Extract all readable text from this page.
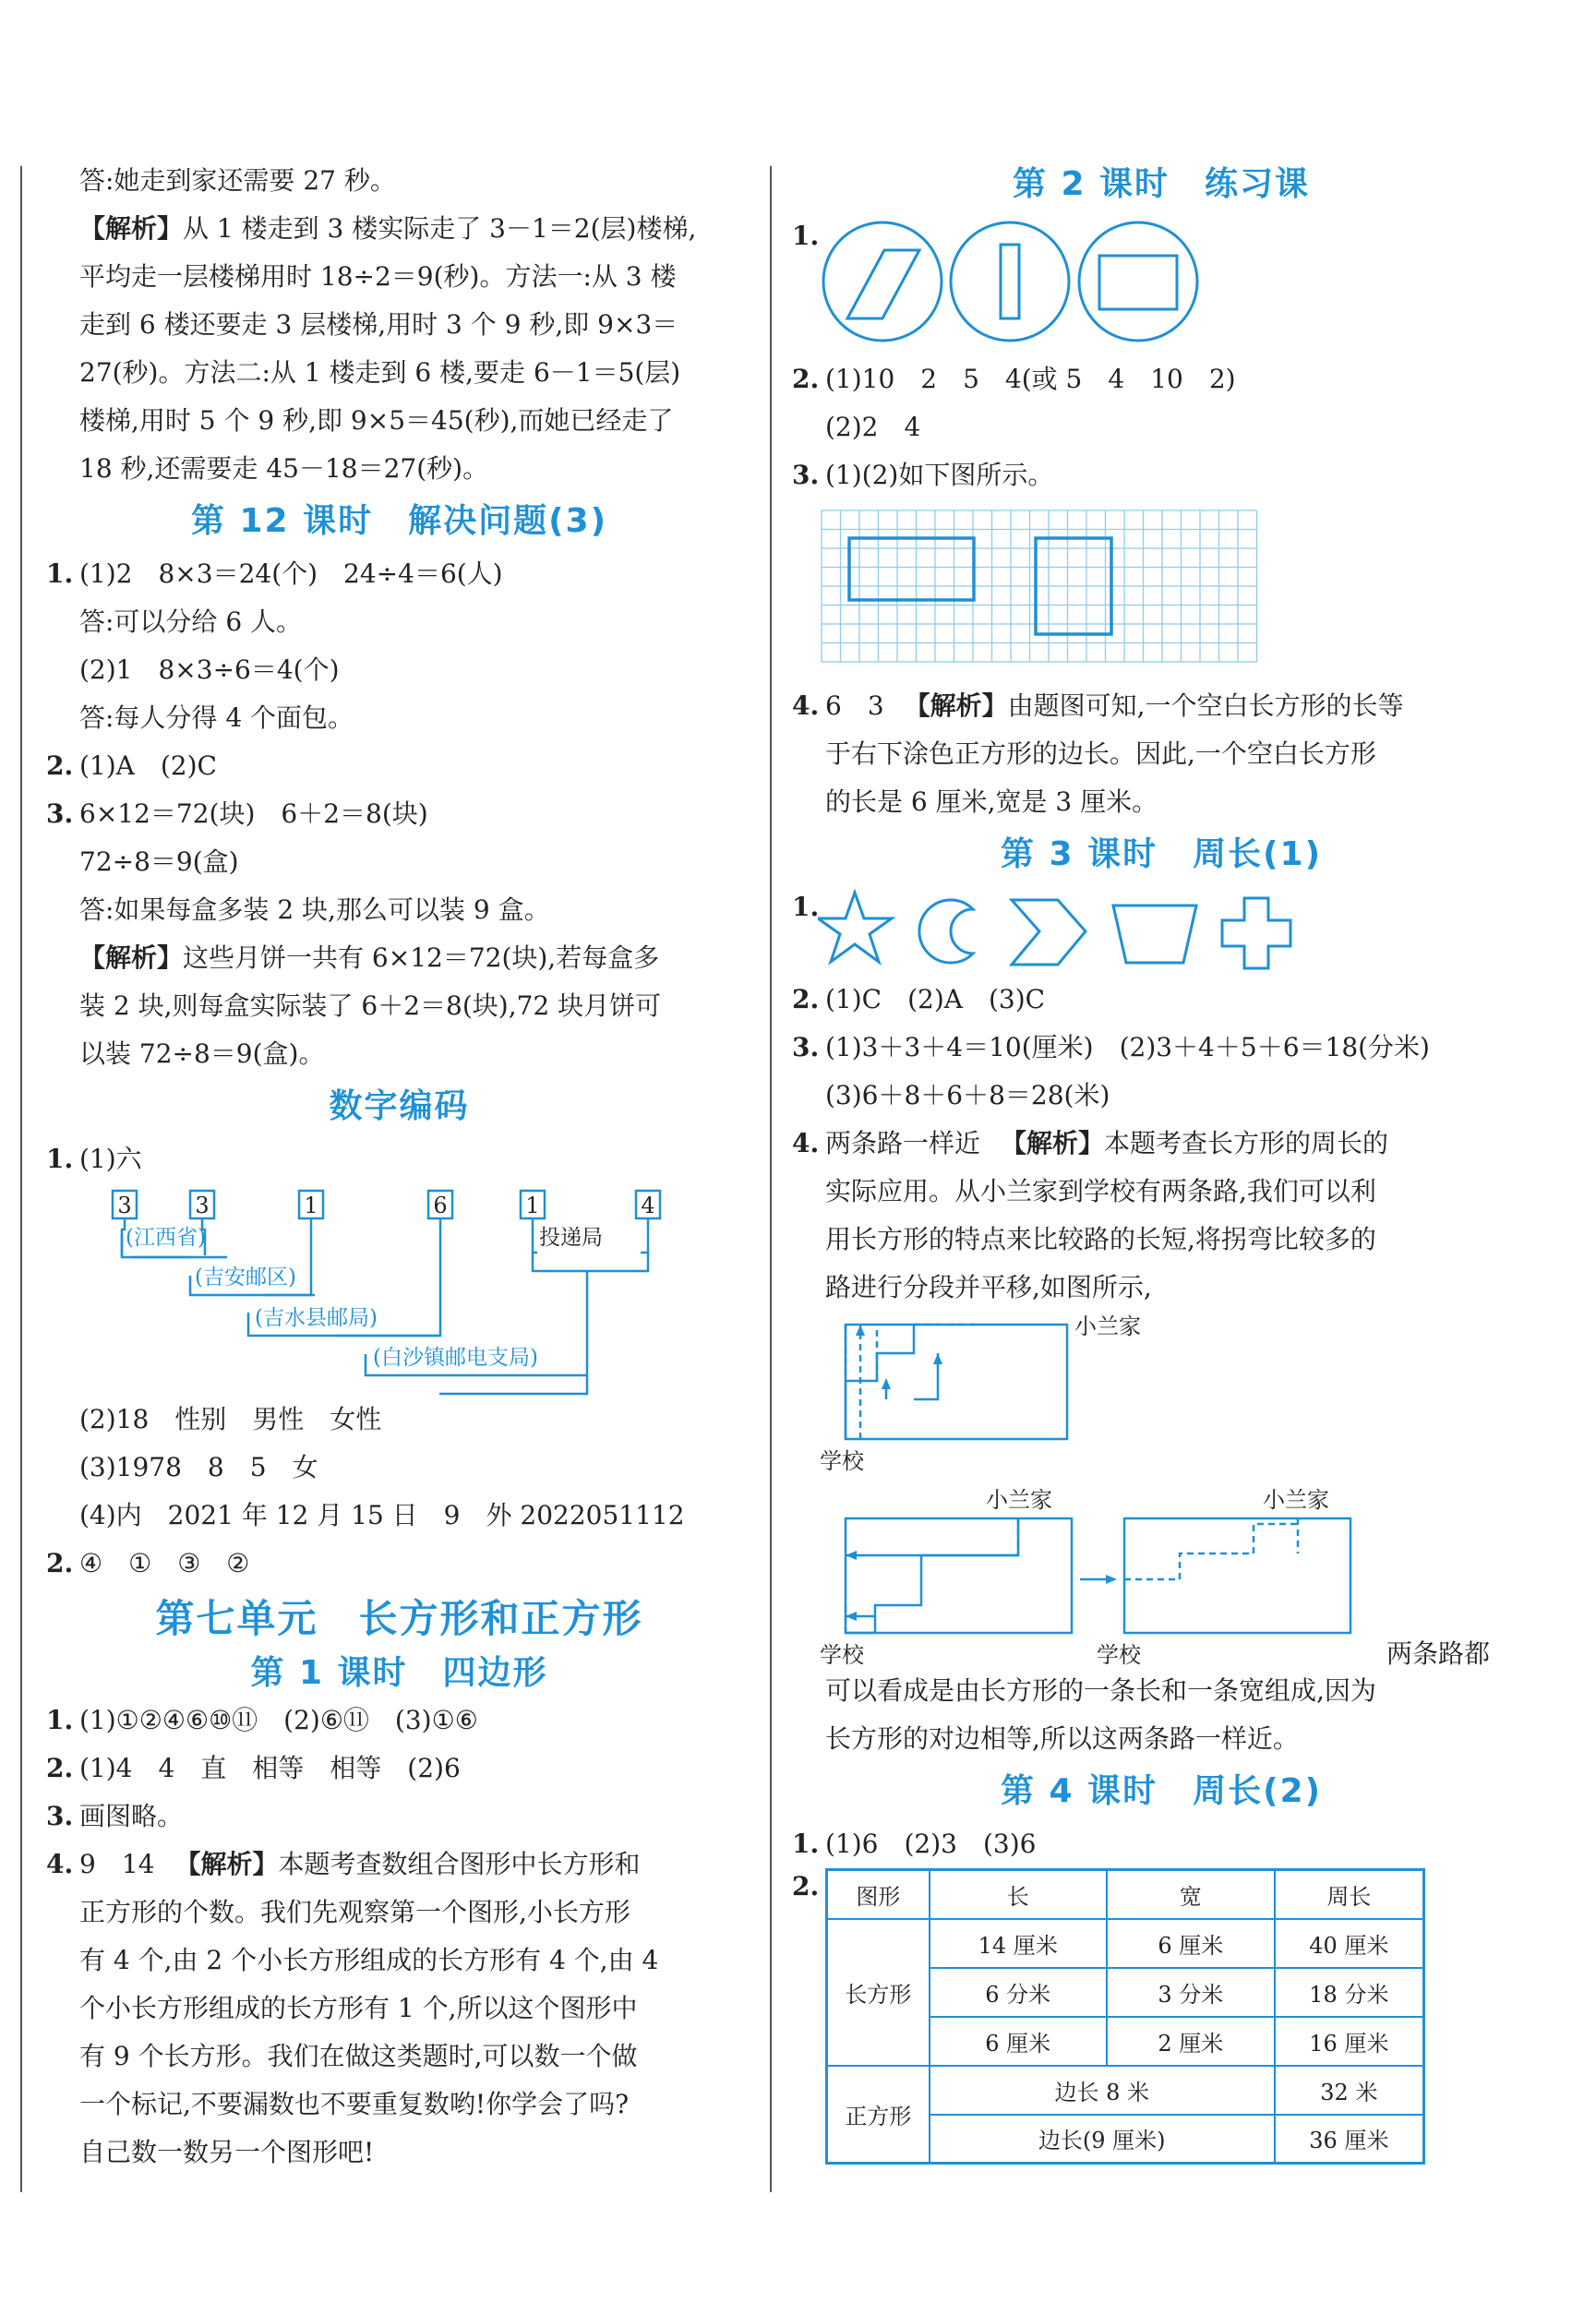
答:她走到家还需要 27 秒。
【解析】从 1 楼走到 3 楼实际走了 3－1＝2(层)楼梯,
平均走一层楼梯用时 18÷2＝9(秒)。方法一:从 3 楼
走到 6 楼还要走 3 层楼梯,用时 3 个 9 秒,即 9×3＝
27(秒)。方法二:从 1 楼走到 6 楼,要走 6－1＝5(层)
楼梯,用时 5 个 9 秒,即 9×5＝45(秒),而她已经走了
18 秒,还需要走 45－18＝27(秒)。
第 12 课时　解决问题(3)
1. (1)2　8×3＝24(个)　24÷4＝6(人)
答:可以分给 6 人。
(2)1　8×3÷6＝4(个)
答:每人分得 4 个面包。
2. (1)A　(2)C
3. 6×12＝72(块)　6＋2＝8(块)
72÷8＝9(盒)
答:如果每盒多装 2 块,那么可以装 9 盒。
【解析】这些月饼一共有 6×12＝72(块),若每盒多
装 2 块,则每盒实际装了 6＋2＝8(块),72 块月饼可
以装 72÷8＝9(盒)。
数字编码
1. (1)六
3	3	1	6	1	4
(江西省)
(吉安邮区)
(吉水县邮局)
(白沙镇邮电支局)
投递局
(2)18　性别　男性　女性
(3)1978　8　5　女
(4)内　2021 年 12 月 15 日　9　外 2022051112
2. ④　①　③　②
第七单元　长方形和正方形
第 1 课时　四边形
1. (1)①②④⑥⑩⑪　(2)⑥⑪　(3)①⑥
2. (1)4　4　直　相等　相等　(2)6
3. 画图略。
4. 9　14 【解析】本题考查数组合图形中长方形和
正方形的个数。我们先观察第一个图形,小长方形
有 4 个,由 2 个小长方形组成的长方形有 4 个,由 4
个小长方形组成的长方形有 1 个,所以这个图形中
有 9 个长方形。我们在做这类题时,可以数一个做
一个标记,不要漏数也不要重复数哟!你学会了吗?
自己数一数另一个图形吧!
第 2 课时　练习课
1.
2. (1)10　2　5　4(或 5　4　10　2)
(2)2　4
3. (1)(2)如下图所示。
4. 6　3 【解析】由题图可知,一个空白长方形的长等
于右下涂色正方形的边长。因此,一个空白长方形
的长是 6 厘米,宽是 3 厘米。
第 3 课时　周长(1)
1.
2. (1)C　(2)A　(3)C
3. (1)3＋3＋4＝10(厘米)　(2)3＋4＋5＋6＝18(分米)
(3)6＋8＋6＋8＝28(米)
4. 两条路一样近 【解析】本题考查长方形的周长的
实际应用。从小兰家到学校有两条路,我们可以利
用长方形的特点来比较路的长短,将拐弯比较多的
路进行分段并平移,如图所示,
小兰家
学校
小兰家
学校
小兰家
学校	两条路都
可以看成是由长方形的一条长和一条宽组成,因为
长方形的对边相等,所以这两条路一样近。
第 4 课时　周长(2)
1. (1)6　(2)3　(3)6
2. 图形	长	宽	周长
长方形	14 厘米	6 厘米	40 厘米
	6 分米	3 分米	18 分米
	6 厘米	2 厘米	16 厘米
正方形	边长 8 米		32 米
	边长(9 厘米)		36 厘米
